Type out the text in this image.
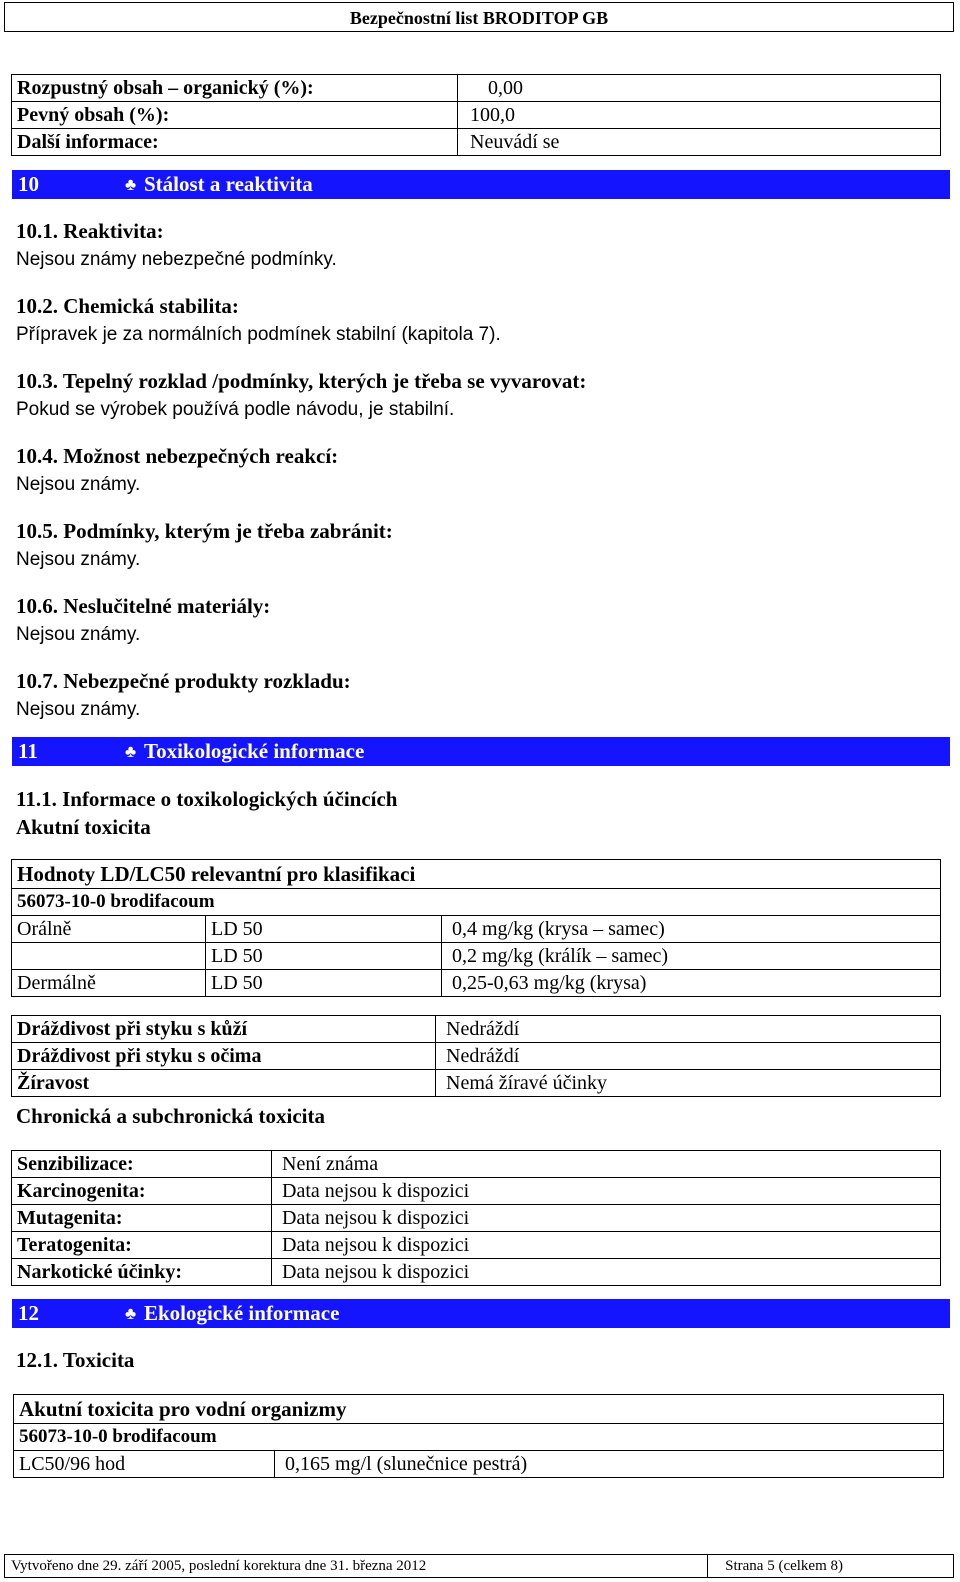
Bezpečnostní list BRODITOP GB
Rozpustný obsah – organický (%):	0,00
Pevný obsah (%):	100,0
Další informace:	Neuvádí se
10	♣ Stálost a reaktivita
10.1. Reaktivita:
Nejsou známy nebezpečné podmínky.
10.2. Chemická stabilita:
Přípravek je za normálních podmínek stabilní (kapitola 7).
10.3. Tepelný rozklad /podmínky, kterých je třeba se vyvarovat:
Pokud se výrobek používá podle návodu, je stabilní.
10.4. Možnost nebezpečných reakcí:
Nejsou známy.
10.5. Podmínky, kterým je třeba zabránit:
Nejsou známy.
10.6. Neslučitelné materiály:
Nejsou známy.
10.7. Nebezpečné produkty rozkladu:
Nejsou známy.
11	♣ Toxikologické informace
11.1. Informace o toxikologických účincích
Akutní toxicita
Hodnoty LD/LC50 relevantní pro klasifikaci		
56073-10-0 brodifacoum		
Orálně	LD 50	0,4 mg/kg (krysa – samec)
	LD 50	0,2 mg/kg (králík – samec)
Dermálně	LD 50	0,25-0,63 mg/kg (krysa)
Dráždivost při styku s kůží	Nedráždí
Dráždivost při styku s očima	Nedráždí
Žíravost	Nemá žíravé účinky
Chronická a subchronická toxicita
Senzibilizace:	Není známa
Karcinogenita:	Data nejsou k dispozici
Mutagenita:	Data nejsou k dispozici
Teratogenita:	Data nejsou k dispozici
Narkotické účinky:	Data nejsou k dispozici
12	♣ Ekologické informace
12.1. Toxicita
Akutní toxicita pro vodní organizmy
56073-10-0 brodifacoum
LC50/96 hod	0,165 mg/l (slunečnice pestrá)
Vytvořeno dne 29. září 2005, poslední korektura dne 31. března 2012	Strana 5 (celkem 8)
